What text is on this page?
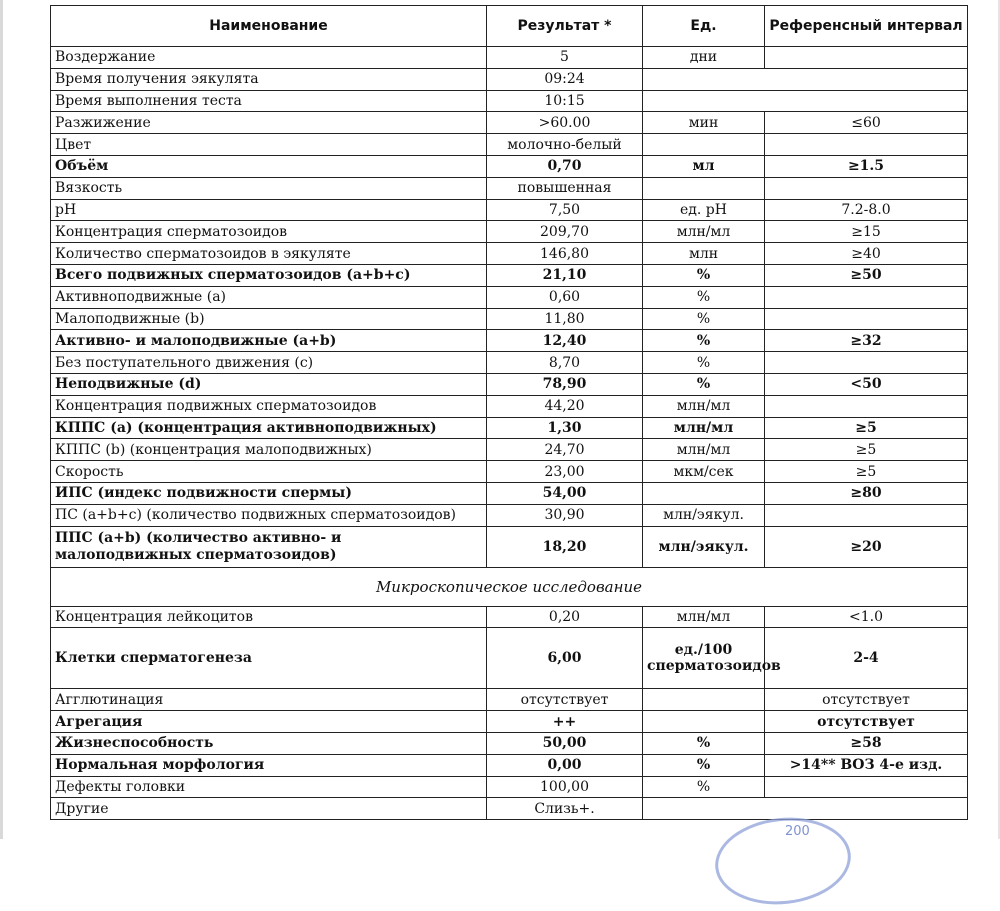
Наименование	Результат *	Ед.	Референсный интервал
Воздержание	5	дни	
Время получения эякулята	09:24		
Время выполнения теста	10:15		
Разжижение	>60.00	мин	≤60
Цвет	молочно-белый		
Объём	0,70	мл	≥1.5
Вязкость	повышенная		
pH	7,50	ед. pH	7.2-8.0
Концентрация сперматозоидов	209,70	млн/мл	≥15
Количество сперматозоидов в эякуляте	146,80	млн	≥40
Всего подвижных сперматозоидов (a+b+c)	21,10	%	≥50
Активноподвижные (a)	0,60	%	
Малоподвижные (b)	11,80	%	
Активно- и малоподвижные (a+b)	12,40	%	≥32
Без поступательного движения (c)	8,70	%	
Неподвижные (d)	78,90	%	<50
Концентрация подвижных сперматозоидов	44,20	млн/мл	
КППС (a) (концентрация активноподвижных)	1,30	млн/мл	≥5
КППС (b) (концентрация малоподвижных)	24,70	млн/мл	≥5
Скорость	23,00	мкм/сек	≥5
ИПС (индекс подвижности спермы)	54,00		≥80
ПС (a+b+c) (количество подвижных сперматозоидов)	30,90	млн/эякул.	
ППС (a+b) (количество активно- и малоподвижных сперматозоидов)	18,20	млн/эякул.	≥20
Микроскопическое исследование			
Концентрация лейкоцитов	0,20	млн/мл	<1.0
Клетки сперматогенеза	6,00	ед./100 сперматозоидов	2-4
Агглютинация	отсутствует		отсутствует
Агрегация	++		отсутствует
Жизнеспособность	50,00	%	≥58
Нормальная морфология	0,00	%	>14** ВОЗ 4-е изд.
Дефекты головки	100,00	%	
Другие	Слизь+.		
200
